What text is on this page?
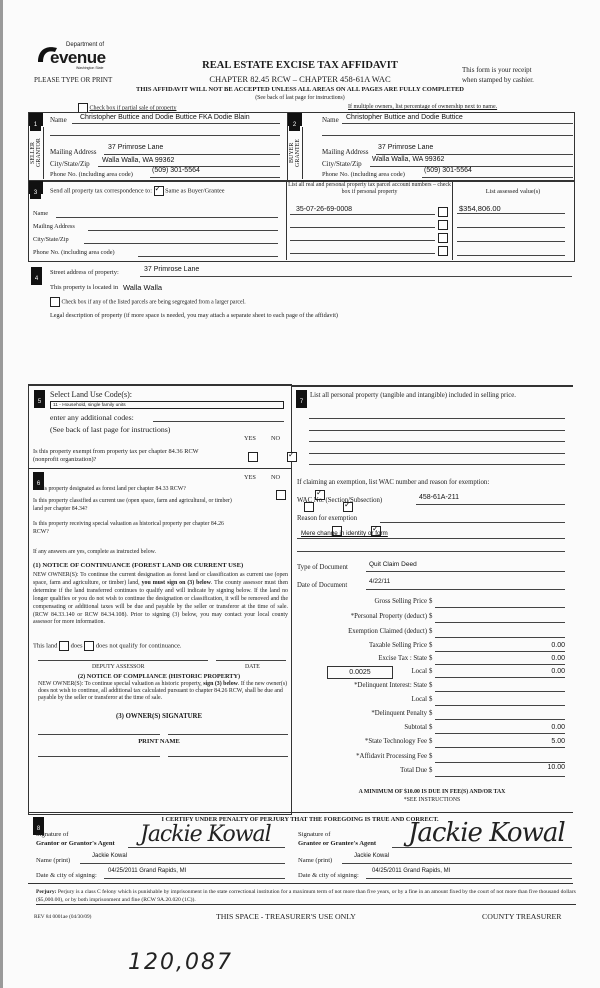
Department of
evenue
Washington State
PLEASE TYPE OR PRINT
REAL ESTATE EXCISE TAX AFFIDAVIT
CHAPTER 82.45 RCW – CHAPTER 458-61A WAC
This form is your receipt
when stamped by cashier.
THIS AFFIDAVIT WILL NOT BE ACCEPTED UNLESS ALL AREAS ON ALL PAGES ARE FULLY COMPLETED
(See back of last page for instructions)
Check box if partial sale of property	If multiple owners, list percentage of ownership next to name.
1	2
SELLER GRANTOR	BUYER GRANTEE
Name Christopher Buttice and Dodie Buttice FKA Dodie Blain
Mailing Address
37 Primrose Lane
City/State/Zip Walla Walla, WA 99362
Phone No. (including area code)
(509) 301-5564
Name Christopher Buttice and Dodie Buttice
Mailing Address
37 Primrose Lane
City/State/Zip
Walla Walla, WA 99362
Phone No. (including area code)
(509) 301-5564
3	Send all property tax correspondence to: ✓ Same as Buyer/Grantee
Name
Mailing Address
City/State/Zip
Phone No. (including area code)
List all real and personal property tax parcel account numbers – check box if personal property	List assessed value(s)
35-07-26-69-0008	$354,806.00
4
Street address of property:	37 Primrose Lane
This property is located in Walla Walla
Check box if any of the listed parcels are being segregated from a larger parcel.
Legal description of property (if more space is needed, you may attach a separate sheet to each page of the affidavit)
5
Select Land Use Code(s):
11 - Household, single family units
enter any additional codes:
(See back of last page for instructions)
YES NO
Is this property exempt from property tax per chapter 84.36 RCW (nonprofit organization)?
✓
6
YES NO
Is this property designated as forest land per chapter 84.33 RCW?
✓
Is this property classified as current use (open space, farm and agricultural, or timber) land per chapter 84.34?
✓
Is this property receiving special valuation as historical property per chapter 84.26 RCW?
✓
If any answers are yes, complete as instructed below.
(1) NOTICE OF CONTINUANCE (FOREST LAND OR CURRENT USE)
NEW OWNER(S): To continue the current designation as forest land or classification as current use (open space, farm and agriculture, or timber) land, you must sign on (3) below. The county assessor must then determine if the land transferred continues to qualify and will indicate by signing below. If the land no longer qualifies or you do not wish to continue the designation or classification, it will be removed and the compensating or additional taxes will be due and payable by the seller or transferor at the time of sale. (RCW 84.33.140 or RCW 84.34.108). Prior to signing (3) below, you may contact your local county assessor for more information.
This land does does not qualify for continuance.
DEPUTY ASSESSOR	DATE
(2) NOTICE OF COMPLIANCE (HISTORIC PROPERTY)
NEW OWNER(S): To continue special valuation as historic property, sign (3) below. If the new owner(s) does not wish to continue, all additional tax calculated pursuant to chapter 84.26 RCW, shall be due and payable by the seller or transferor at the time of sale.
(3) OWNER(S) SIGNATURE
PRINT NAME
7
List all personal property (tangible and intangible) included in selling price.
If claiming an exemption, list WAC number and reason for exemption:
WAC No. (Section/Subsection)	458-61A-211
Reason for exemption
Mere change in identity or form
Type of Document	Quit Claim Deed
Date of Document
4/22/11
Gross Selling Price $
*Personal Property (deduct) $
Exemption Claimed (deduct) $
Taxable Selling Price $	0.00
Excise Tax : State $	0.00
0.0025	Local $	0.00
*Delinquent Interest: State $
Local $
*Delinquent Penalty $
Subtotal $	0.00
*State Technology Fee $	5.00
*Affidavit Processing Fee $
Total Due $	10.00
A MINIMUM OF $10.00 IS DUE IN FEE(S) AND/OR TAX
*SEE INSTRUCTIONS
8
I CERTIFY UNDER PENALTY OF PERJURY THAT THE FOREGOING IS TRUE AND CORRECT.
Signature of
Grantor or Grantor's Agent Jackie Kowal
Name (print)
Jackie Kowal
Date & city of signing:
04/25/2011 Grand Rapids, MI
Signature of
Grantee or Grantee's Agent Jackie Kowal
Name (print)
Jackie Kowal
Date & city of signing:
04/25/2011 Grand Rapids, MI
Perjury: Perjury is a class C felony which is punishable by imprisonment in the state correctional institution for a maximum term of not more than five years, or by a fine in an amount fixed by the court of not more than five thousand dollars ($5,000.00), or by both imprisonment and fine (RCW 9A.20.020 (1C)).
REV 84 0001ae (04/30/09)	THIS SPACE - TREASURER'S USE ONLY	COUNTY TREASURER
120,087
